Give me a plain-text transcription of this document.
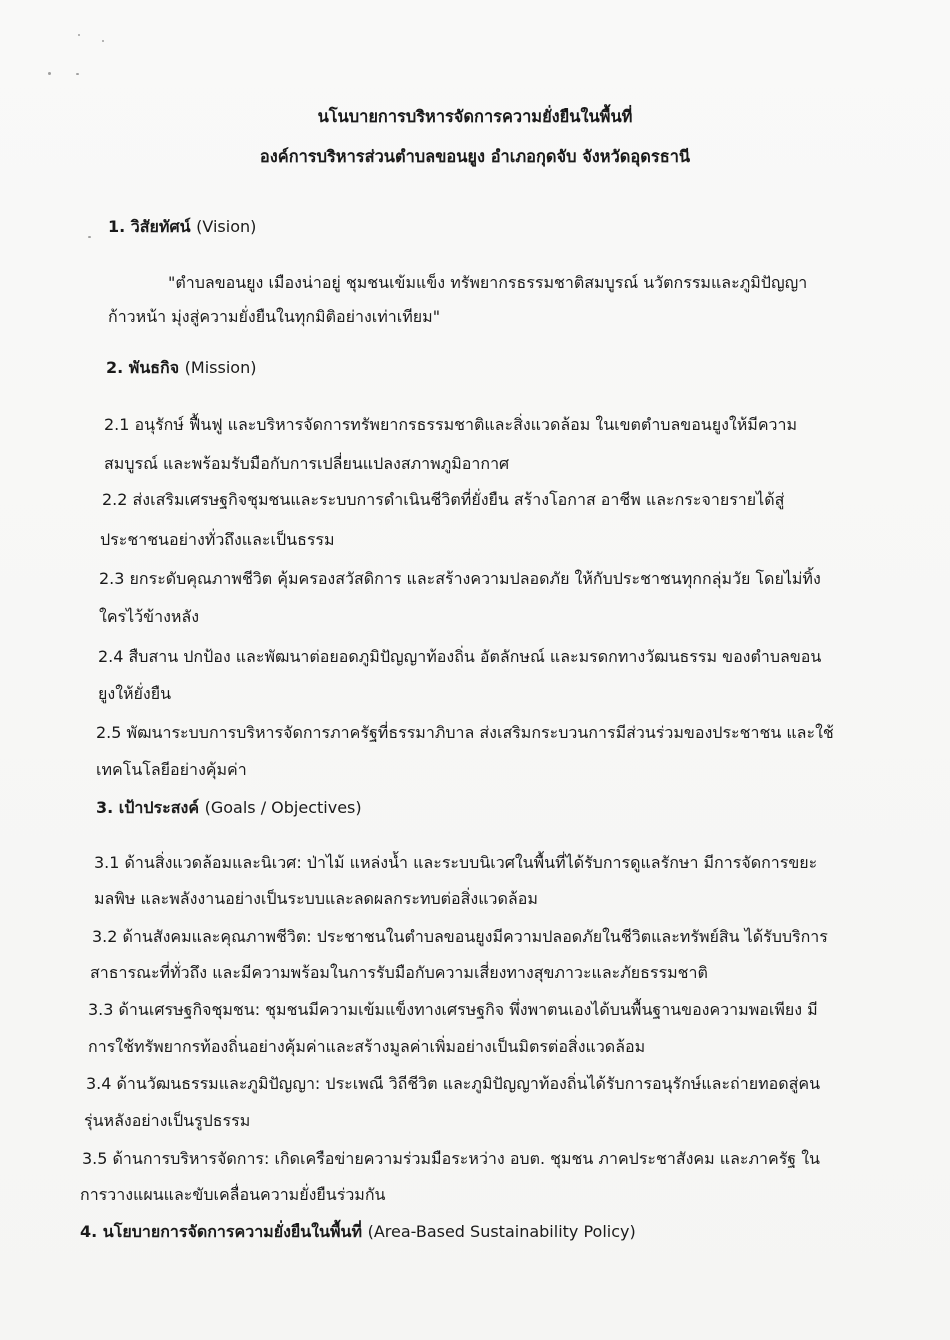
นโนบายการบริหารจัดการความยั่งยืนในพื้นที่

องค์การบริหารส่วนตำบลขอนยูง อำเภอกุดจับ จังหวัดอุดรธานี

1. วิสัยทัศน์ (Vision)

"ตำบลขอนยูง เมืองน่าอยู่ ชุมชนเข้มแข็ง ทรัพยากรธรรมชาติสมบูรณ์ นวัตกรรมและภูมิปัญญา

ก้าวหน้า มุ่งสู่ความยั่งยืนในทุกมิติอย่างเท่าเทียม"

2. พันธกิจ (Mission)

2.1 อนุรักษ์ ฟื้นฟู และบริหารจัดการทรัพยากรธรรมชาติและสิ่งแวดล้อม ในเขตตำบลขอนยูงให้มีความ

สมบูรณ์ และพร้อมรับมือกับการเปลี่ยนแปลงสภาพภูมิอากาศ

2.2 ส่งเสริมเศรษฐกิจชุมชนและระบบการดำเนินชีวิตที่ยั่งยืน สร้างโอกาส อาชีพ และกระจายรายได้สู่

ประชาชนอย่างทั่วถึงและเป็นธรรม

2.3 ยกระดับคุณภาพชีวิต คุ้มครองสวัสดิการ และสร้างความปลอดภัย ให้กับประชาชนทุกกลุ่มวัย โดยไม่ทิ้ง

ใครไว้ข้างหลัง

2.4 สืบสาน ปกป้อง และพัฒนาต่อยอดภูมิปัญญาท้องถิ่น อัตลักษณ์ และมรดกทางวัฒนธรรม ของตำบลขอน

ยูงให้ยั่งยืน

2.5 พัฒนาระบบการบริหารจัดการภาครัฐที่ธรรมาภิบาล ส่งเสริมกระบวนการมีส่วนร่วมของประชาชน และใช้

เทคโนโลยีอย่างคุ้มค่า

3. เป้าประสงค์ (Goals / Objectives)

3.1 ด้านสิ่งแวดล้อมและนิเวศ: ป่าไม้ แหล่งน้ำ และระบบนิเวศในพื้นที่ได้รับการดูแลรักษา มีการจัดการขยะ

มลพิษ และพลังงานอย่างเป็นระบบและลดผลกระทบต่อสิ่งแวดล้อม

3.2 ด้านสังคมและคุณภาพชีวิต: ประชาชนในตำบลขอนยูงมีความปลอดภัยในชีวิตและทรัพย์สิน ได้รับบริการ

สาธารณะที่ทั่วถึง และมีความพร้อมในการรับมือกับความเสี่ยงทางสุขภาวะและภัยธรรมชาติ

3.3 ด้านเศรษฐกิจชุมชน: ชุมชนมีความเข้มแข็งทางเศรษฐกิจ พึ่งพาตนเองได้บนพื้นฐานของความพอเพียง มี

การใช้ทรัพยากรท้องถิ่นอย่างคุ้มค่าและสร้างมูลค่าเพิ่มอย่างเป็นมิตรต่อสิ่งแวดล้อม

3.4 ด้านวัฒนธรรมและภูมิปัญญา: ประเพณี วิถีชีวิต และภูมิปัญญาท้องถิ่นได้รับการอนุรักษ์และถ่ายทอดสู่คน

รุ่นหลังอย่างเป็นรูปธรรม

3.5 ด้านการบริหารจัดการ: เกิดเครือข่ายความร่วมมือระหว่าง อบต. ชุมชน ภาคประชาสังคม และภาครัฐ ใน

การวางแผนและขับเคลื่อนความยั่งยืนร่วมกัน

4. นโยบายการจัดการความยั่งยืนในพื้นที่ (Area-Based Sustainability Policy)
